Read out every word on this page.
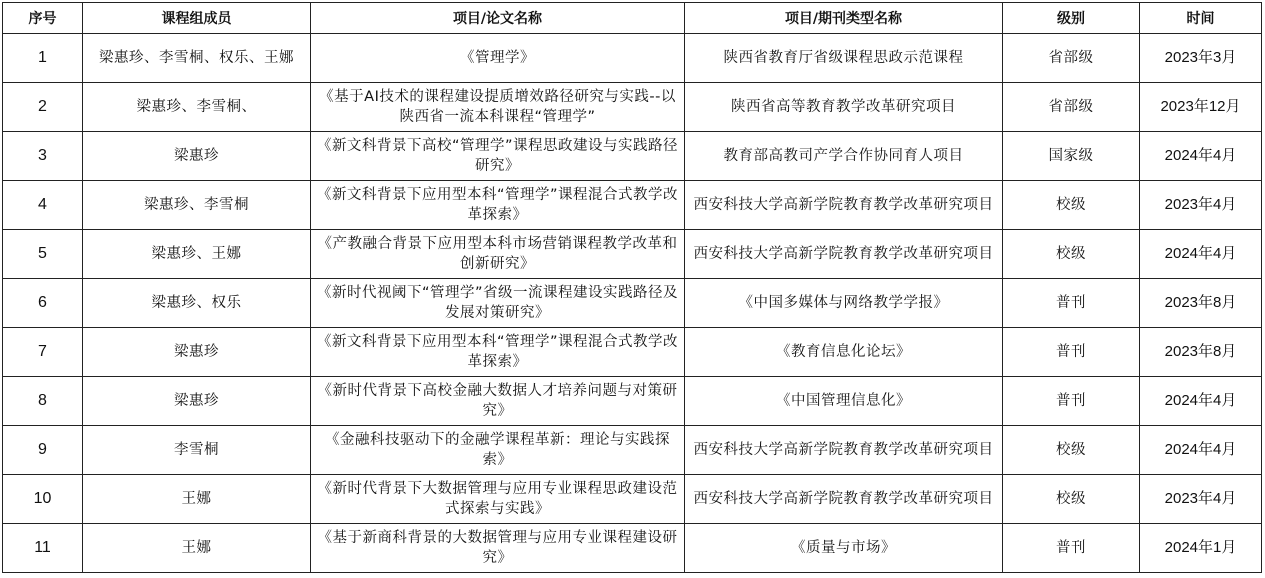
序号	课程组成员	项目/论文名称	项目/期刊类型名称	级别	时间
1	梁惠珍、李雪桐、权乐、王娜	《管理学》	陕西省教育厅省级课程思政示范课程	省部级	2023年3月
2	梁惠珍、李雪桐、	《基于AI技术的课程建设提质增效路径研究与实践--以陕西省一流本科课程“管理学”	陕西省高等教育教学改革研究项目	省部级	2023年12月
3	梁惠珍	《新文科背景下高校“管理学”课程思政建设与实践路径研究》	教育部高教司产学合作协同育人项目	国家级	2024年4月
4	梁惠珍、李雪桐	《新文科背景下应用型本科“管理学”课程混合式教学改革探索》	西安科技大学高新学院教育教学改革研究项目	校级	2023年4月
5	梁惠珍、王娜	《产教融合背景下应用型本科市场营销课程教学改革和创新研究》	西安科技大学高新学院教育教学改革研究项目	校级	2024年4月
6	梁惠珍、权乐	《新时代视阈下“管理学”省级一流课程建设实践路径及发展对策研究》	《中国多媒体与网络教学学报》	普刊	2023年8月
7	梁惠珍	《新文科背景下应用型本科“管理学”课程混合式教学改革探索》	《教育信息化论坛》	普刊	2023年8月
8	梁惠珍	《新时代背景下高校金融大数据人才培养问题与对策研究》	《中国管理信息化》	普刊	2024年4月
9	李雪桐	《金融科技驱动下的金融学课程革新：理论与实践探索》	西安科技大学高新学院教育教学改革研究项目	校级	2024年4月
10	王娜	《新时代背景下大数据管理与应用专业课程思政建设范式探索与实践》	西安科技大学高新学院教育教学改革研究项目	校级	2023年4月
11	王娜	《基于新商科背景的大数据管理与应用专业课程建设研究》	《质量与市场》	普刊	2024年1月
